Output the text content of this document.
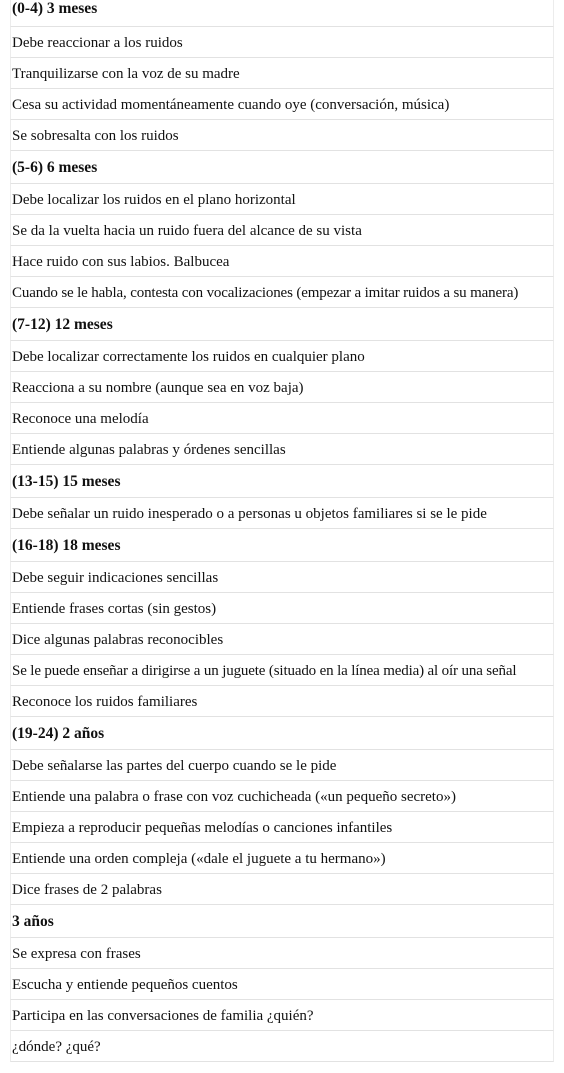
(0-4) 3 meses
Debe reaccionar a los ruidos
Tranquilizarse con la voz de su madre
Cesa su actividad momentáneamente cuando oye (conversación, música)
Se sobresalta con los ruidos
(5-6) 6 meses
Debe localizar los ruidos en el plano horizontal
Se da la vuelta hacia un ruido fuera del alcance de su vista
Hace ruido con sus labios. Balbucea
Cuando se le habla, contesta con vocalizaciones (empezar a imitar ruidos a su manera)
(7-12) 12 meses
Debe localizar correctamente los ruidos en cualquier plano
Reacciona a su nombre (aunque sea en voz baja)
Reconoce una melodía
Entiende algunas palabras y órdenes sencillas
(13-15) 15 meses
Debe señalar un ruido inesperado o a personas u objetos familiares si se le pide
(16-18) 18 meses
Debe seguir indicaciones sencillas
Entiende frases cortas (sin gestos)
Dice algunas palabras reconocibles
Se le puede enseñar a dirigirse a un juguete (situado en la línea media) al oír una señal
Reconoce los ruidos familiares
(19-24) 2 años
Debe señalarse las partes del cuerpo cuando se le pide
Entiende una palabra o frase con voz cuchicheada («un pequeño secreto»)
Empieza a reproducir pequeñas melodías o canciones infantiles
Entiende una orden compleja («dale el juguete a tu hermano»)
Dice frases de 2 palabras
3 años
Se expresa con frases
Escucha y entiende pequeños cuentos
Participa en las conversaciones de familia ¿quién?
¿dónde? ¿qué?
